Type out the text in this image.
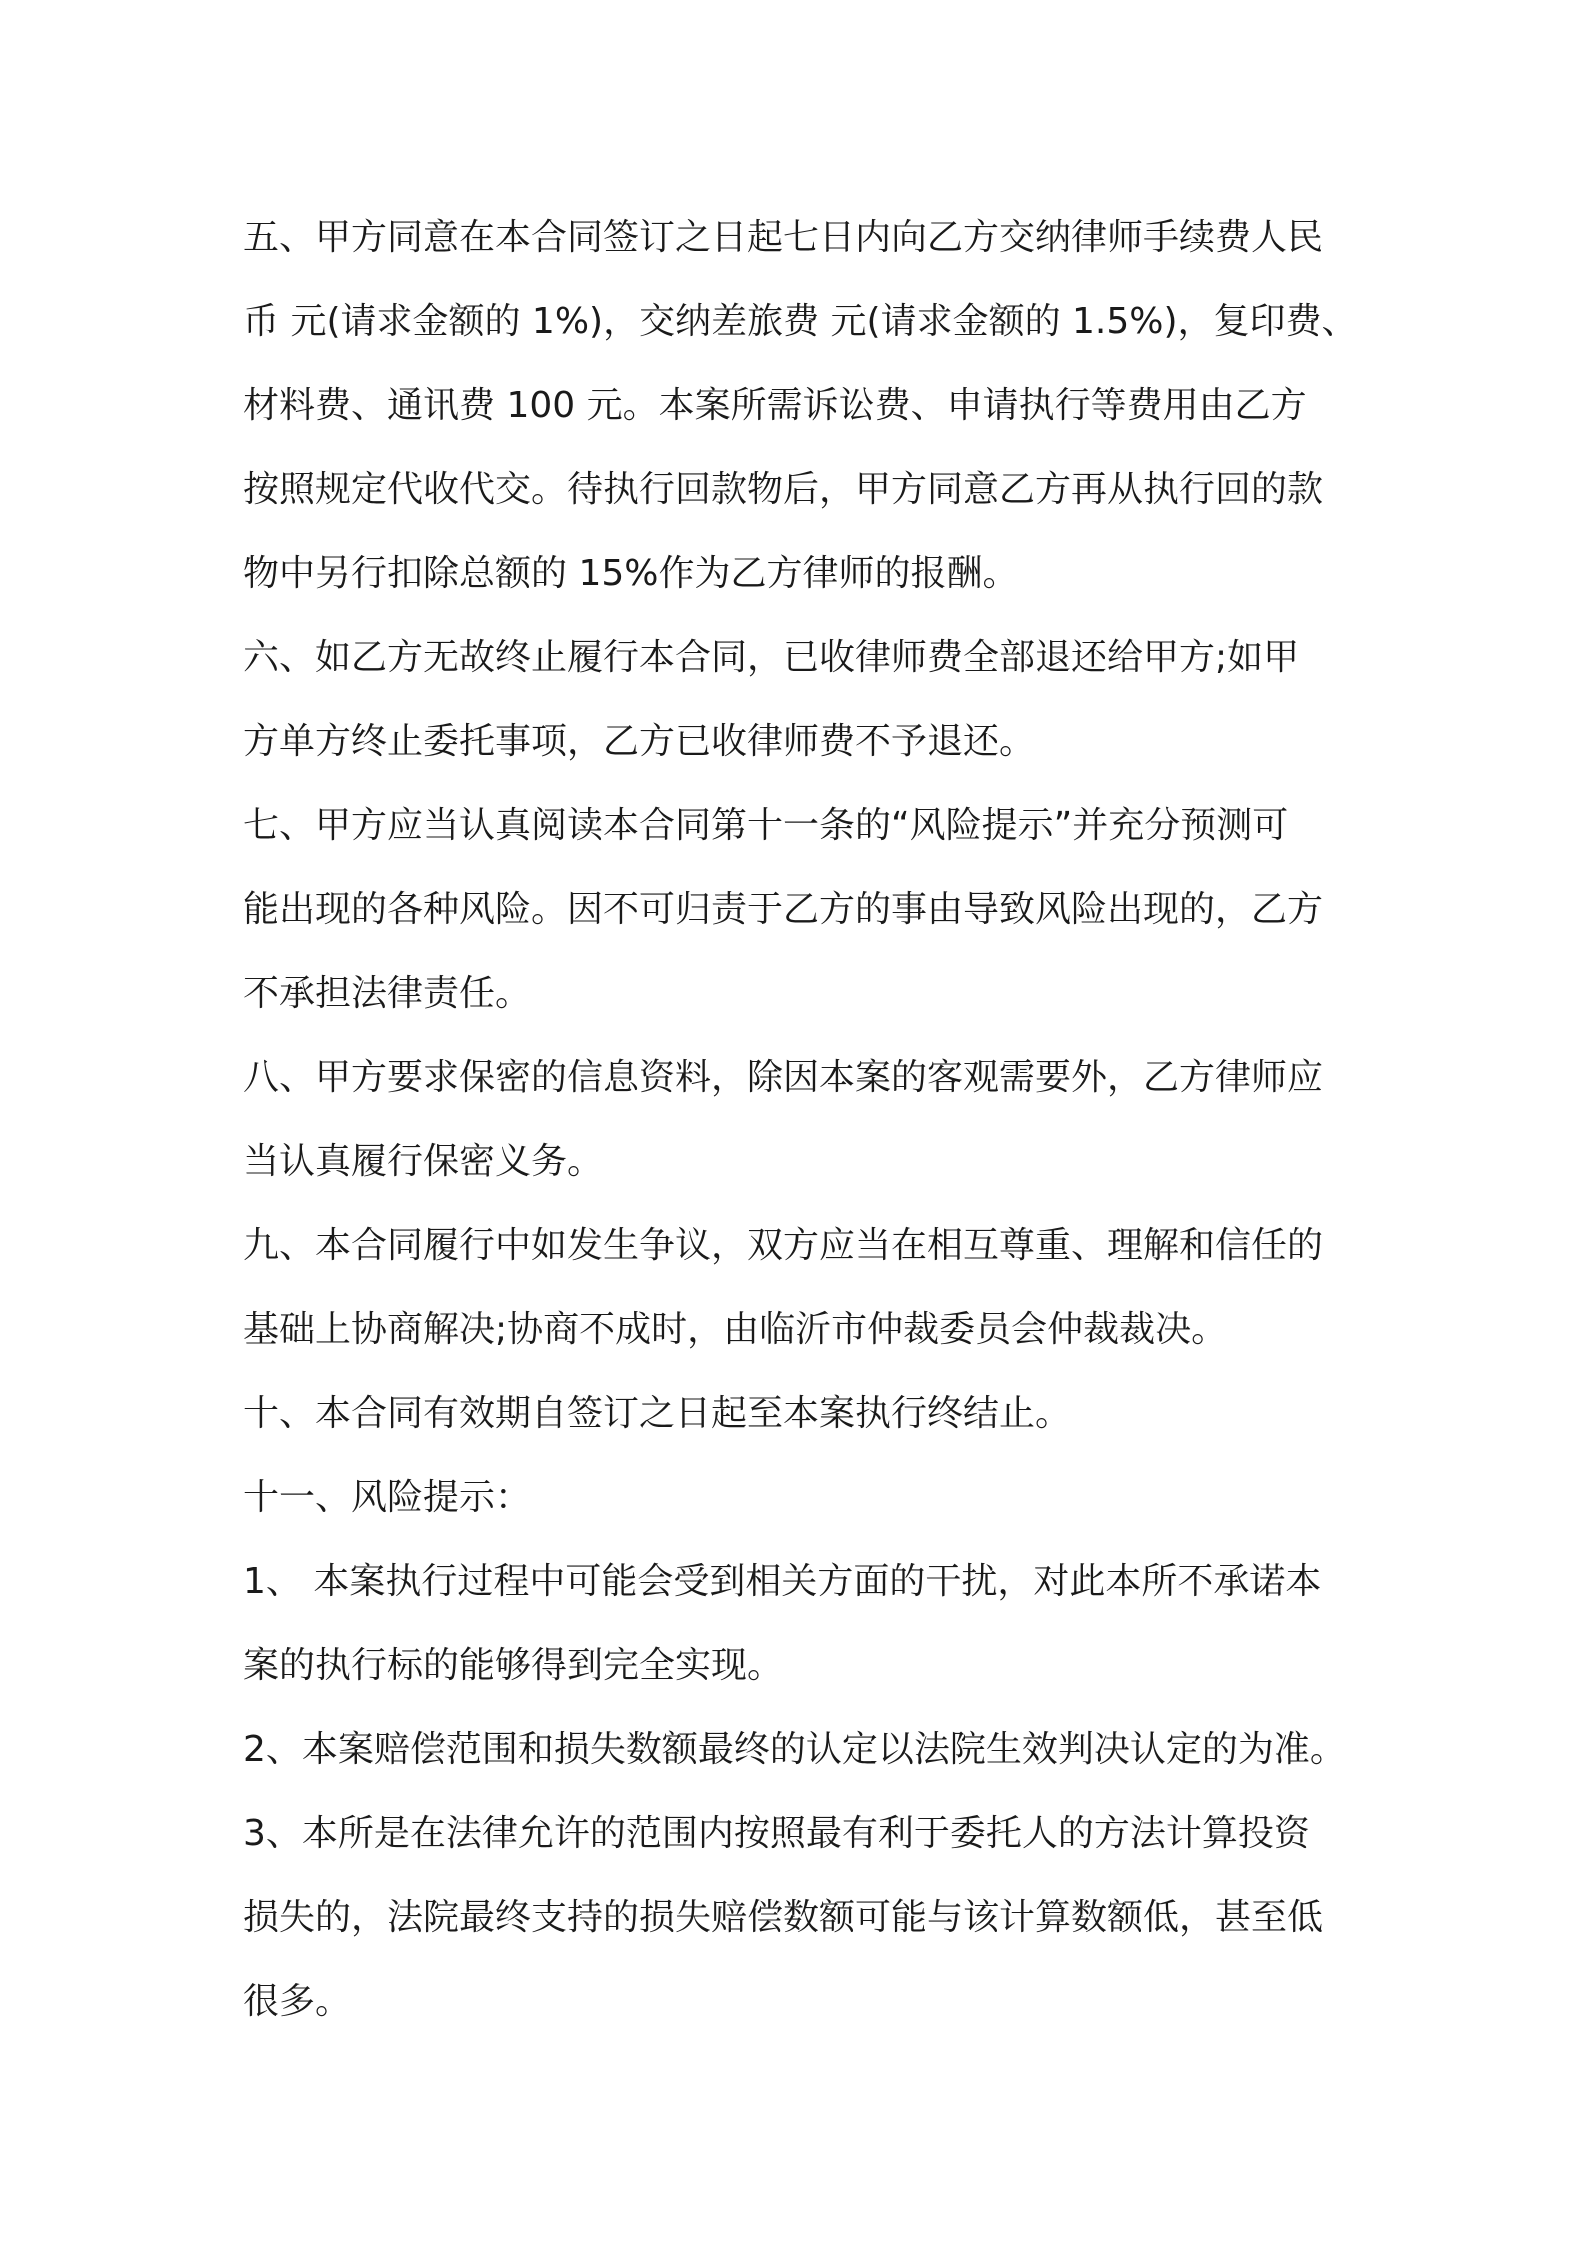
五、甲方同意在本合同签订之日起七日内向乙方交纳律师手续费人民

币 元(请求金额的 1%)，交纳差旅费 元(请求金额的 1.5%)，复印费、

材料费、通讯费 100 元。本案所需诉讼费、申请执行等费用由乙方

按照规定代收代交。待执行回款物后，甲方同意乙方再从执行回的款

物中另行扣除总额的 15%作为乙方律师的报酬。

六、如乙方无故终止履行本合同，已收律师费全部退还给甲方;如甲

方单方终止委托事项，乙方已收律师费不予退还。

七、甲方应当认真阅读本合同第十一条的“风险提示”并充分预测可

能出现的各种风险。因不可归责于乙方的事由导致风险出现的，乙方

不承担法律责任。

八、甲方要求保密的信息资料，除因本案的客观需要外，乙方律师应

当认真履行保密义务。

九、本合同履行中如发生争议，双方应当在相互尊重、理解和信任的

基础上协商解决;协商不成时，由临沂市仲裁委员会仲裁裁决。

十、本合同有效期自签订之日起至本案执行终结止。

十一、风险提示：

1、 本案执行过程中可能会受到相关方面的干扰，对此本所不承诺本

案的执行标的能够得到完全实现。

2、本案赔偿范围和损失数额最终的认定以法院生效判决认定的为准。

3、本所是在法律允许的范围内按照最有利于委托人的方法计算投资

损失的，法院最终支持的损失赔偿数额可能与该计算数额低，甚至低

很多。
